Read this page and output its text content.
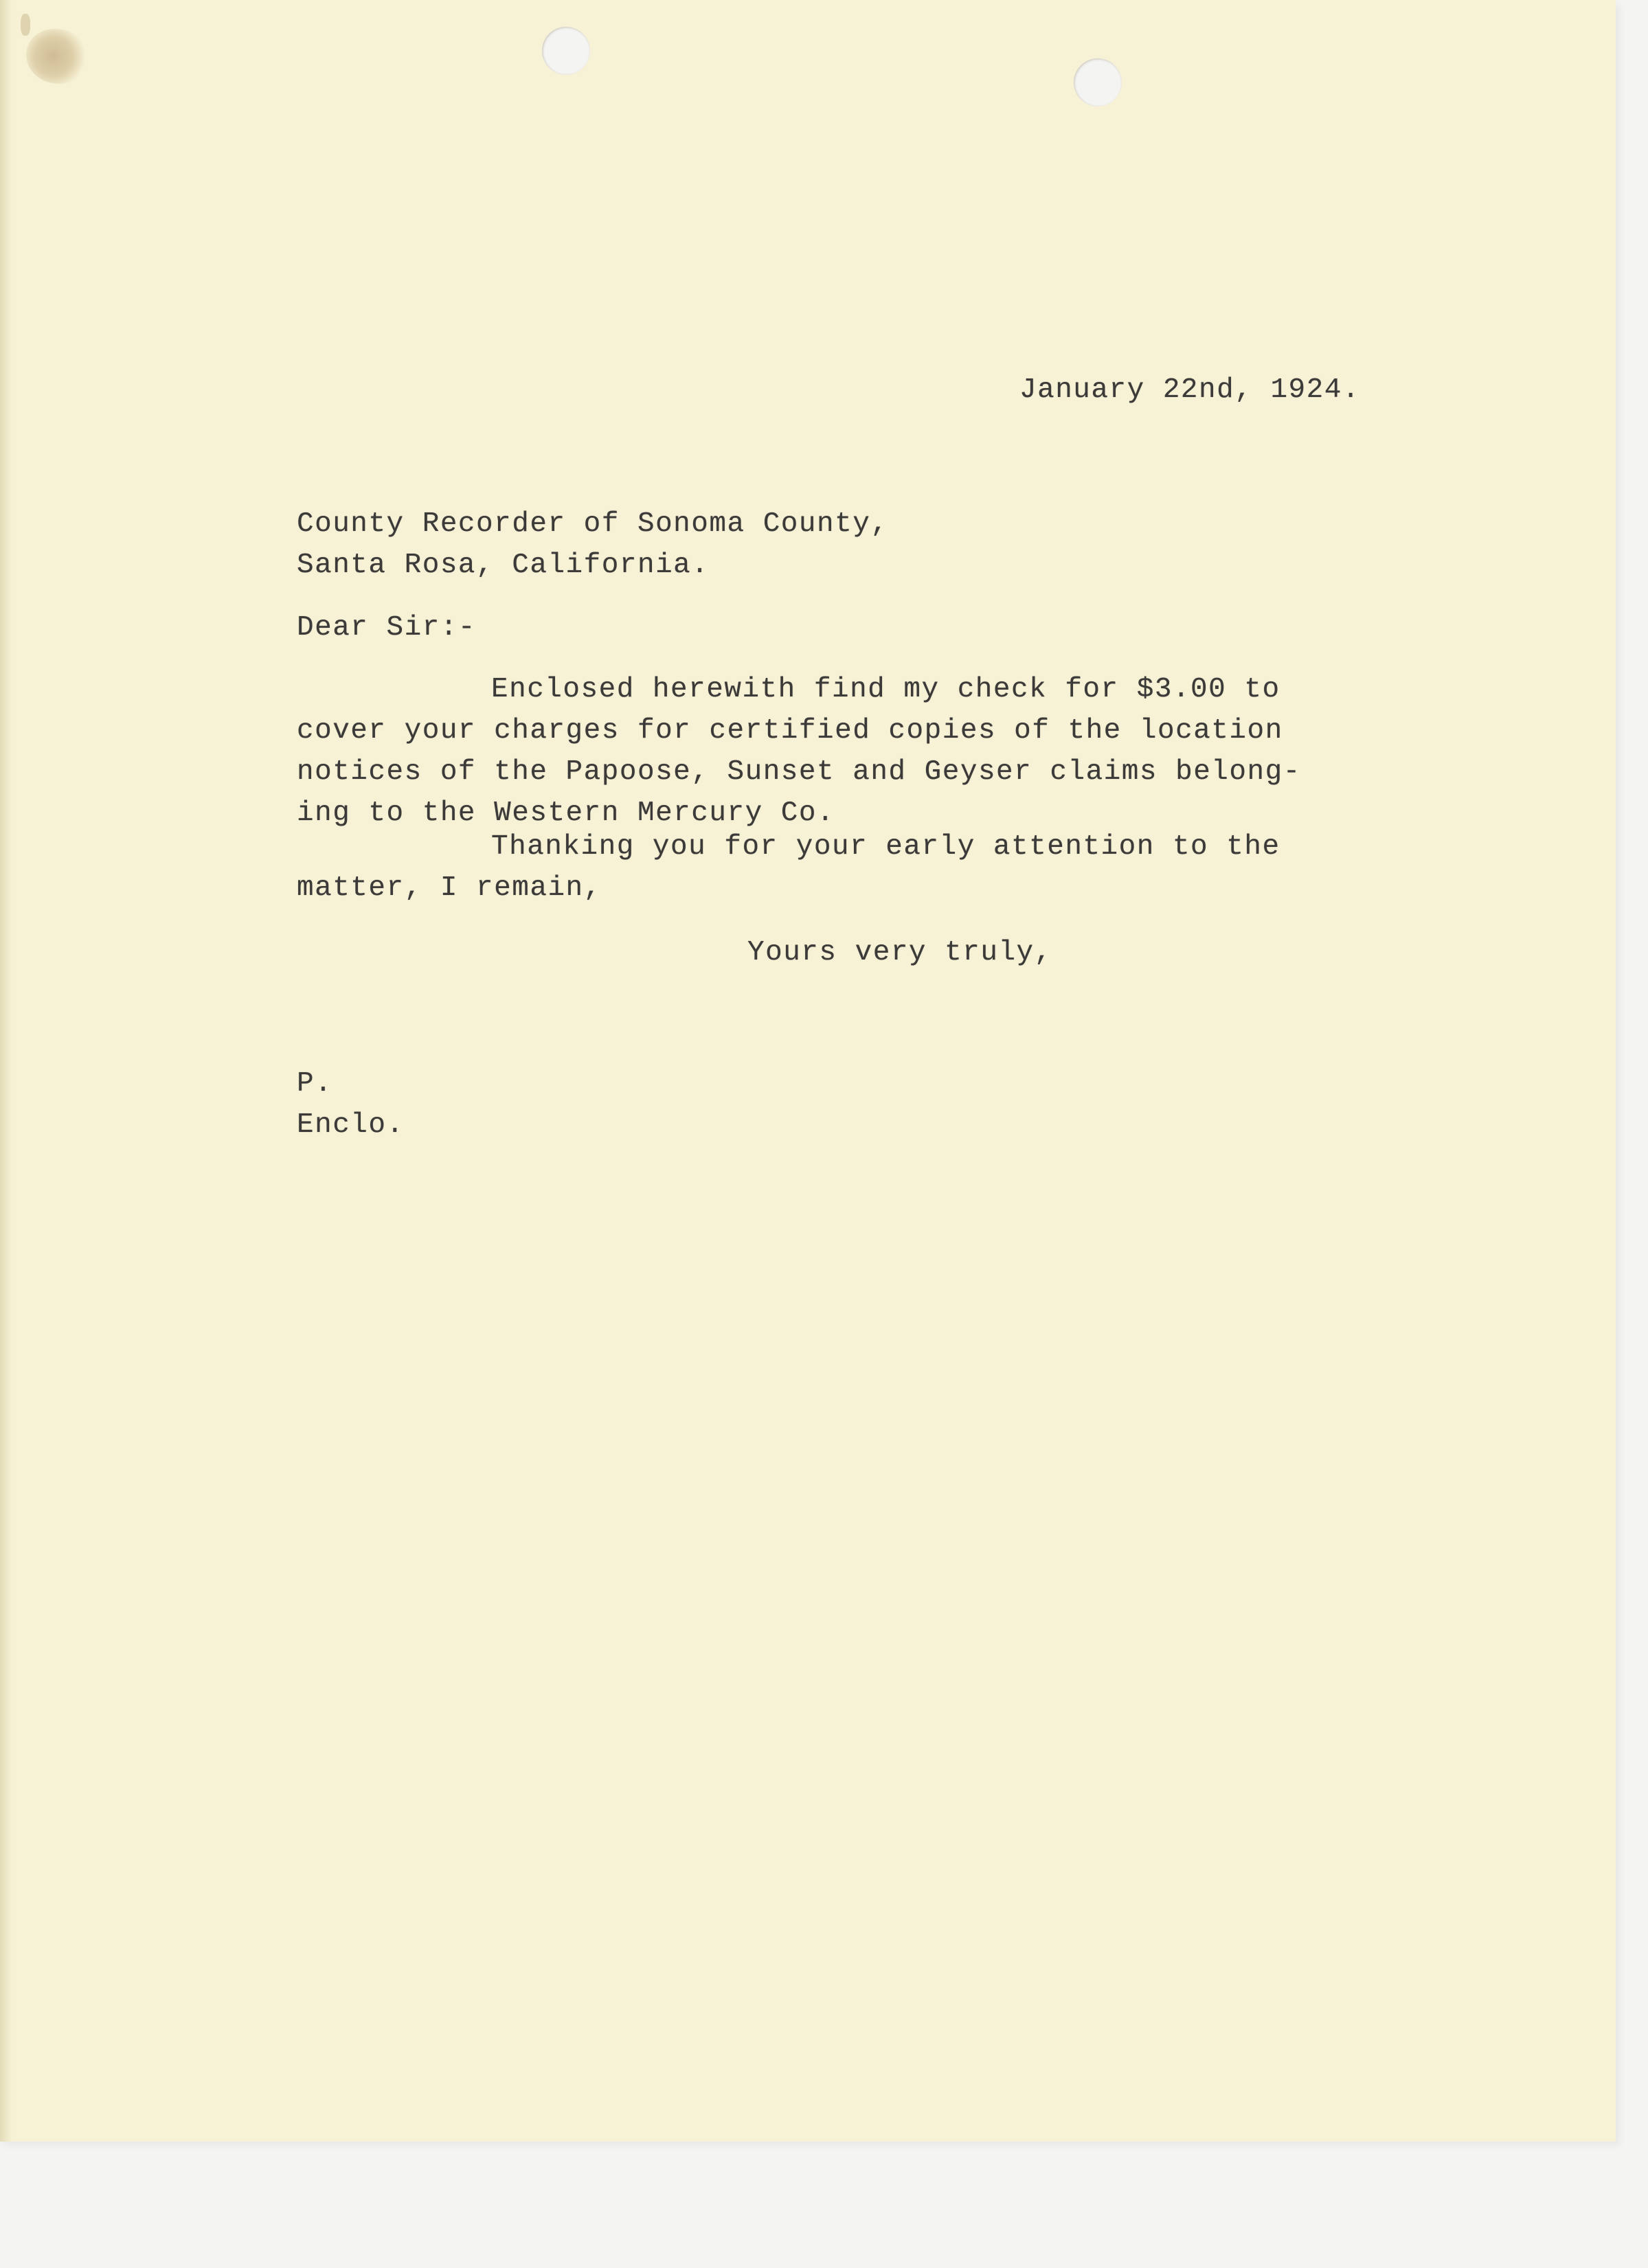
January 22nd, 1924.
County Recorder of Sonoma County,
Santa Rosa, California.
Dear Sir:-
Enclosed herewith find my check for $3.00 to
cover your charges for certified copies of the location
notices of the Papoose, Sunset and Geyser claims belong-
ing to the Western Mercury Co.
Thanking you for your early attention to the
matter, I remain,
Yours very truly,
P.
Enclo.
